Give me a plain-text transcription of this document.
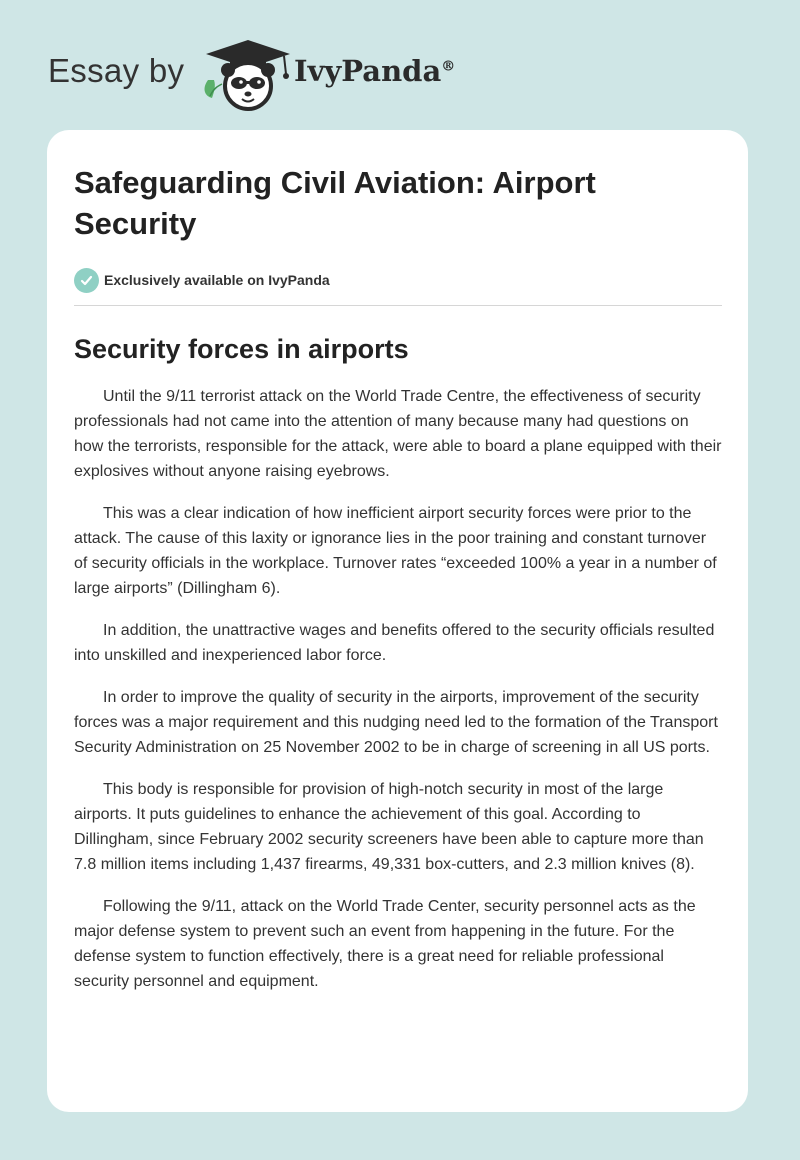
Essay by	IvyPanda®
Safeguarding Civil Aviation: Airport Security
Exclusively available on IvyPanda
Security forces in airports

Until the 9/11 terrorist attack on the World Trade Centre, the effectiveness of security professionals had not came into the attention of many because many had questions on how the terrorists, responsible for the attack, were able to board a plane equipped with their explosives without anyone raising eyebrows.

This was a clear indication of how inefficient airport security forces were prior to the attack. The cause of this laxity or ignorance lies in the poor training and constant turnover of security officials in the workplace. Turnover rates “exceeded 100% a year in a number of large airports” (Dillingham 6).

In addition, the unattractive wages and benefits offered to the security officials resulted into unskilled and inexperienced labor force.

In order to improve the quality of security in the airports, improvement of the security forces was a major requirement and this nudging need led to the formation of the Transport Security Administration on 25 November 2002 to be in charge of screening in all US ports.

This body is responsible for provision of high-notch security in most of the large airports. It puts guidelines to enhance the achievement of this goal. According to Dillingham, since February 2002 security screeners have been able to capture more than 7.8 million items including 1,437 firearms, 49,331 box-cutters, and 2.3 million knives (8).

Following the 9/11, attack on the World Trade Center, security personnel acts as the major defense system to prevent such an event from happening in the future. For the defense system to function effectively, there is a great need for reliable professional security personnel and equipment.
